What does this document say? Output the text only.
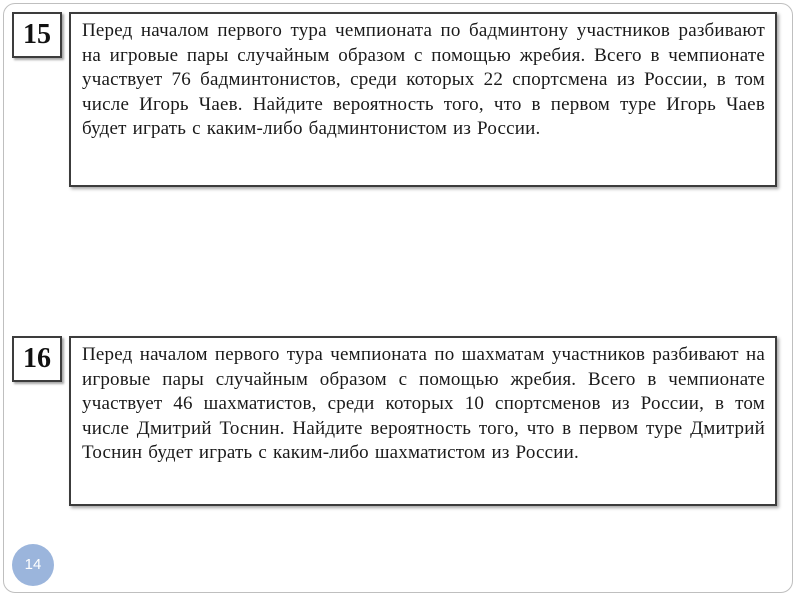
15	Перед началом первого тура чемпионата по бадминтону участников разбивают на игровые пары случайным образом с помощью жребия. Всего в чемпионате участвует 76 бадминтонистов, среди которых 22 спортсмена из России, в том числе Игорь Чаев. Найдите вероятность того, что в первом туре Игорь Чаев будет играть с каким-либо бадминтонистом из России.

16	Перед началом первого тура чемпионата по шахматам участников разбивают на игровые пары случайным образом с помощью жребия. Всего в чемпионате участвует 46 шахматистов, среди которых 10 спортсменов из России, в том числе Дмитрий Тоснин. Найдите вероятность того, что в первом туре Дмитрий Тоснин будет играть с каким-либо шахматистом из России.

14
